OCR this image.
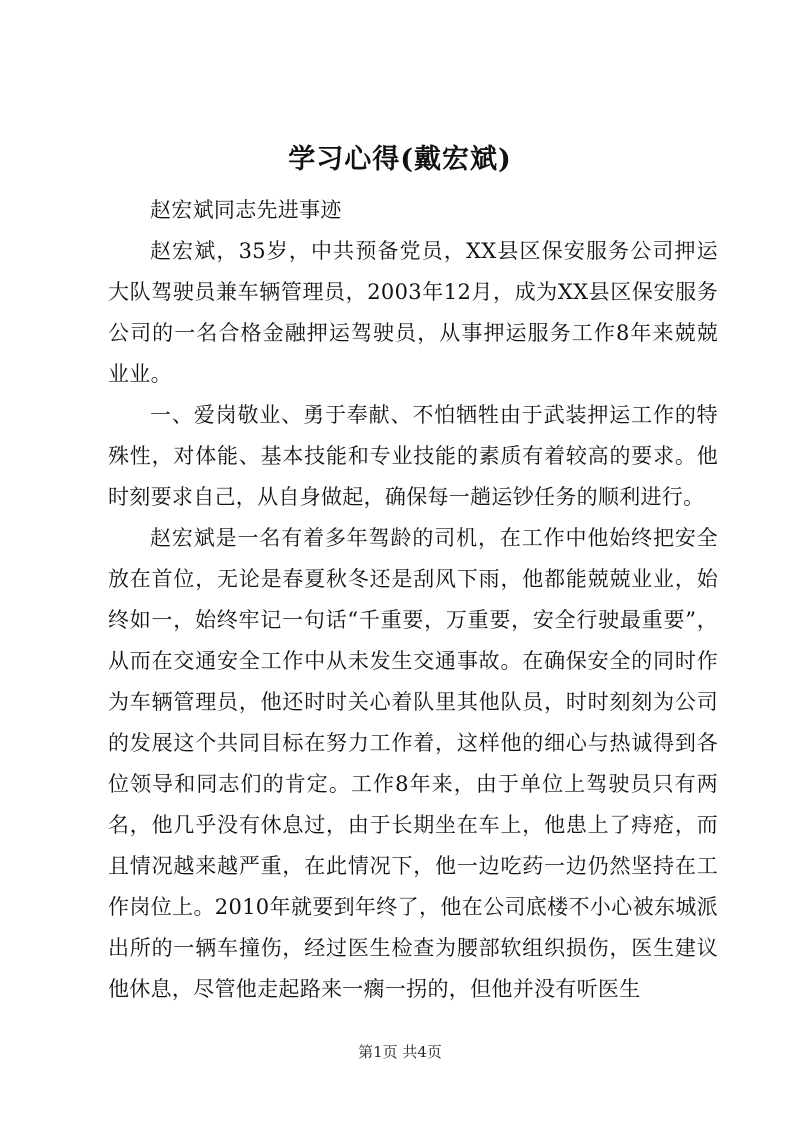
学习心得(戴宏斌)

赵宏斌同志先进事迹

赵宏斌，35岁，中共预备党员，XX县区保安服务公司押运大队驾驶员兼车辆管理员，2003年12月，成为XX县区保安服务公司的一名合格金融押运驾驶员，从事押运服务工作8年来兢兢业业。

一、爱岗敬业、勇于奉献、不怕牺牲由于武装押运工作的特殊性，对体能、基本技能和专业技能的素质有着较高的要求。他时刻要求自己，从自身做起，确保每一趟运钞任务的顺利进行。

赵宏斌是一名有着多年驾龄的司机，在工作中他始终把安全放在首位，无论是春夏秋冬还是刮风下雨，他都能兢兢业业，始终如一，始终牢记一句话“千重要，万重要，安全行驶最重要”，从而在交通安全工作中从未发生交通事故。在确保安全的同时作为车辆管理员，他还时时关心着队里其他队员，时时刻刻为公司的发展这个共同目标在努力工作着，这样他的细心与热诚得到各位领导和同志们的肯定。工作8年来，由于单位上驾驶员只有两名，他几乎没有休息过，由于长期坐在车上，他患上了痔疮，而且情况越来越严重，在此情况下，他一边吃药一边仍然坚持在工作岗位上。2010年就要到年终了，他在公司底楼不小心被东城派出所的一辆车撞伤，经过医生检查为腰部软组织损伤，医生建议他休息，尽管他走起路来一瘸一拐的，但他并没有听医生

第1页 共4页
